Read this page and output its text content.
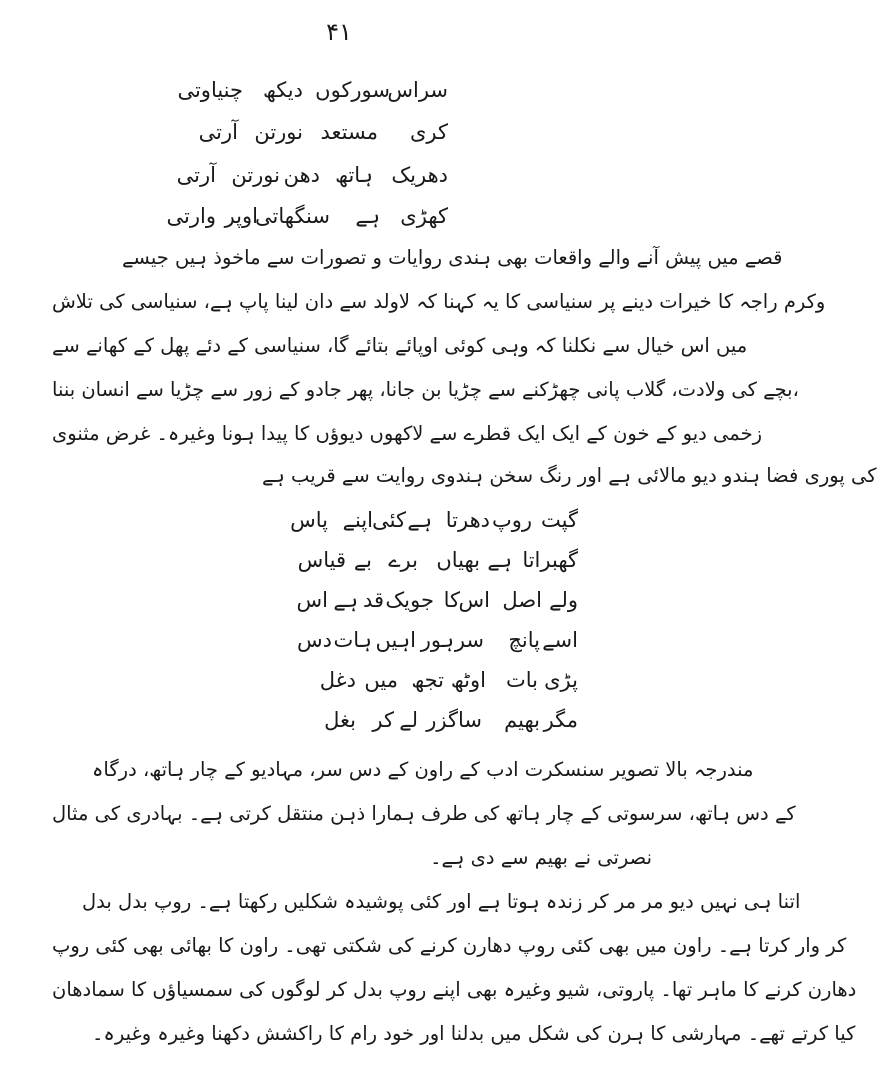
۴۱
سراس
سورکوں
دیکھ
چنیاوتی
کری
مستعد
نورتن
آرتی
دھریک
ہاتھ
دھن
نورتن
آرتی
کھڑی
ہے
سنگھاتی
اوپر
وارتی
قصے میں پیش آنے والے واقعات بھی ہندی روایات و تصورات سے ماخوذ ہیں جیسے
وکرم راجہ کا خیرات دینے پر سنیاسی کا یہ کہنا کہ لاولد سے دان لینا پاپ ہے، سنیاسی کی تلاش
میں اس خیال سے نکلنا کہ وہی کوئی اوپائے بتائے گا، سنیاسی کے دئے پھل کے کھانے سے
بچے کی ولادت، گلاب پانی چھڑکنے سے چڑیا بن جانا، پھر جادو کے زور سے چڑیا سے انسان بننا،
زخمی دیو کے خون کے ایک ایک قطرے سے لاکھوں دیوؤں کا پیدا ہونا وغیرہ۔ غرض مثنوی
کی پوری فضا ہندو دیو مالائی ہے اور رنگ سخن ہندوی روایت سے قریب ہے
گپت
روپ
دھرتا
ہے
کئی
اپنے
پاس
گھبراتا
ہے
بھیاں
برے
بے
قیاس
ولے
اصل
اس
کا
جو
یک
قد
ہے
اس
اسے
پانچ
سر
ہور
اہیں
ہات
دس
پڑی
بات
اوٹھ
تجھ
میں
دغل
مگر
بھیم
ساگزر
لے
کر
بغل
مندرجہ بالا تصویر سنسکرت ادب کے راون کے دس سر، مہادیو کے چار ہاتھ، درگاہ
کے دس ہاتھ، سرسوتی کے چار ہاتھ کی طرف ہمارا ذہن منتقل کرتی ہے۔ بہادری کی مثال
نصرتی نے بھیم سے دی ہے۔
اتنا ہی نہیں دیو مر مر کر زندہ ہوتا ہے اور کئی پوشیدہ شکلیں رکھتا ہے۔ روپ بدل بدل
کر وار کرتا ہے۔ راون میں بھی کئی روپ دھارن کرنے کی شکتی تھی۔ راون کا بھائی بھی کئی روپ
دھارن کرنے کا ماہر تھا۔ پاروتی، شیو وغیرہ بھی اپنے روپ بدل کر لوگوں کی سمسیاؤں کا سمادھان
کیا کرتے تھے۔ مہارشی کا ہرن کی شکل میں بدلنا اور خود رام کا راکشش دکھنا وغیرہ وغیرہ۔
